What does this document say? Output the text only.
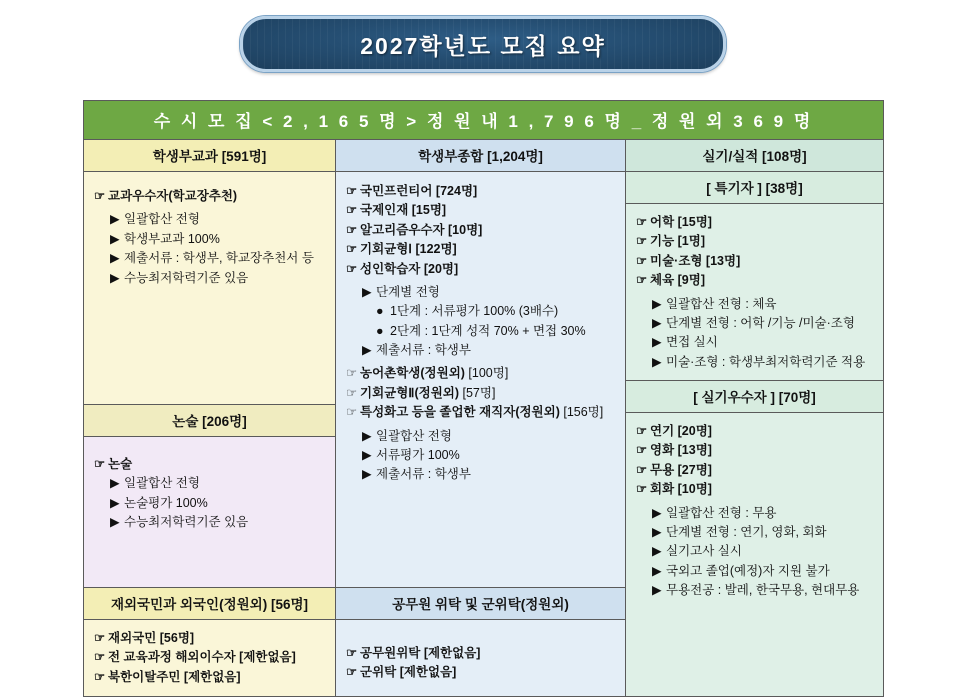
2027학년도 모집 요약
수 시 모 집 < 2 , 1 6 5 명 > 정 원 내 1 , 7 9 6 명 _ 정 원 외 3 6 9 명		
학생부교과 [591명]	학생부종합 [1,204명]	실기/실적 [108명]

☞ 교과우수자(학교장추천)
▶ 일괄합산 전형
▶ 학생부교과 100%
▶ 제출서류 : 학생부, 학교장추천서 등
▶ 수능최저학력기준 있음

☞ 국민프런티어 [724명]
☞ 국제인재 [15명]
☞ 알고리즘우수자 [10명]
☞ 기회균형Ⅰ [122명]
☞ 성인학습자 [20명]
▶ 단계별 전형
● 1단계 : 서류평가 100% (3배수)
● 2단계 : 1단계 성적 70% + 면접 30%
▶ 제출서류 : 학생부
☞ 농어촌학생(정원외) [100명]
☞ 기회균형Ⅱ(정원외) [57명]
☞ 특성화고 등을 졸업한 재직자(정원외) [156명]
▶ 일괄합산 전형
▶ 서류평가 100%
▶ 제출서류 : 학생부

[ 특기자 ] [38명]
☞ 어학 [15명]
☞ 기능 [1명]
☞ 미술·조형 [13명]
☞ 체육 [9명]
▶ 일괄합산 전형 : 체육
▶ 단계별 전형 : 어학 /기능 /미술·조형
▶ 면접 실시
▶ 미술·조형 : 학생부최저학력기준 적용
[ 실기우수자 ] [70명]
☞ 연기 [20명]
☞ 영화 [13명]
☞ 무용 [27명]
☞ 회화 [10명]
▶ 일괄합산 전형 : 무용
▶ 단계별 전형 : 연기, 영화, 회화
▶ 실기고사 실시
▶ 국외고 졸업(예정)자 지원 불가
▶ 무용전공 : 발레, 한국무용, 현대무용

논술 [206명]
☞ 논술
▶ 일괄합산 전형
▶ 논술평가 100%
▶ 수능최저학력기준 있음		

재외국민과 외국인(정원외) [56명]
☞ 재외국민 [56명]
☞ 전 교육과정 해외이수자 [제한없음]
☞ 북한이탈주민 [제한없음]

공무원 위탁 및 군위탁(정원외)
☞ 공무원위탁 [제한없음]
☞ 군위탁 [제한없음]
